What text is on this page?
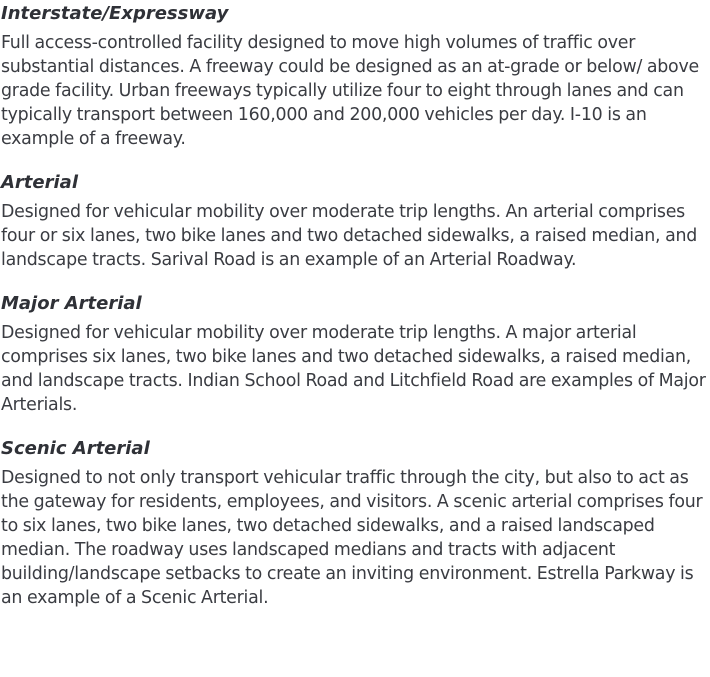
Interstate/Expressway

Full access-controlled facility designed to move high volumes of traffic over substantial distances. A freeway could be designed as an at-grade or below/ above grade facility. Urban freeways typically utilize four to eight through lanes and can typically transport between 160,000 and 200,000 vehicles per day. I-10 is an example of a freeway.

Arterial

Designed for vehicular mobility over moderate trip lengths. An arterial comprises four or six lanes, two bike lanes and two detached sidewalks, a raised median, and landscape tracts. Sarival Road is an example of an Arterial Roadway.

Major Arterial

Designed for vehicular mobility over moderate trip lengths. A major arterial comprises six lanes, two bike lanes and two detached sidewalks, a raised median, and landscape tracts. Indian School Road and Litchfield Road are examples of Major Arterials.

Scenic Arterial

Designed to not only transport vehicular traffic through the city, but also to act as the gateway for residents, employees, and visitors. A scenic arterial comprises four to six lanes, two bike lanes, two detached sidewalks, and a raised landscaped median. The roadway uses landscaped medians and tracts with adjacent building/landscape setbacks to create an inviting environment. Estrella Parkway is an example of a Scenic Arterial.
